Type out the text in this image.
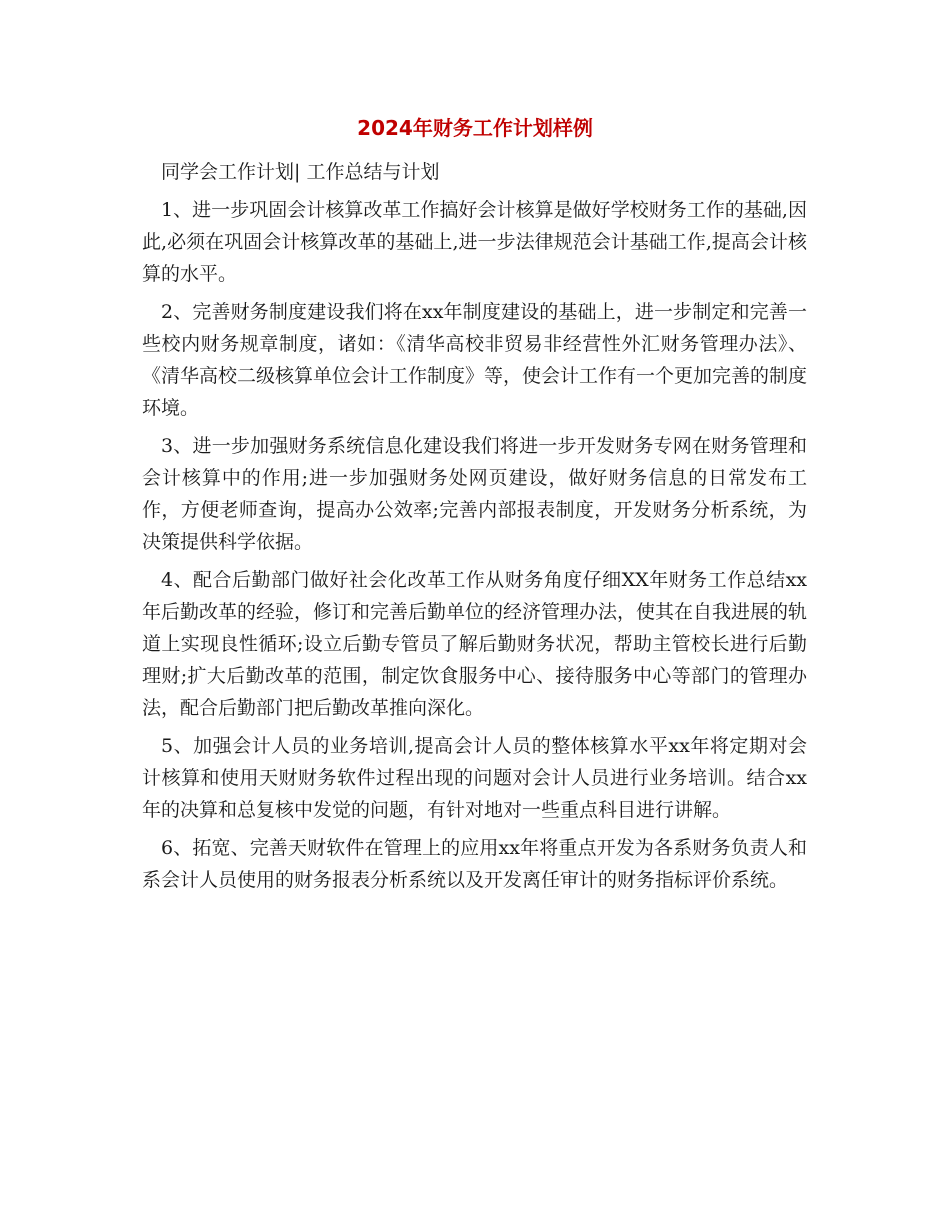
2024年财务工作计划样例

同学会工作计划| 工作总结与计划

1、进一步巩固会计核算改革工作搞好会计核算是做好学校财务工作的基础,因此,必须在巩固会计核算改革的基础上,进一步法律规范会计基础工作,提高会计核算的水平。

2、完善财务制度建设我们将在xx年制度建设的基础上，进一步制定和完善一些校内财务规章制度，诸如：《清华高校非贸易非经营性外汇财务管理办法》、《清华高校二级核算单位会计工作制度》等，使会计工作有一个更加完善的制度环境。

3、进一步加强财务系统信息化建设我们将进一步开发财务专网在财务管理和会计核算中的作用;进一步加强财务处网页建设，做好财务信息的日常发布工作，方便老师查询，提高办公效率;完善内部报表制度，开发财务分析系统，为决策提供科学依据。

4、配合后勤部门做好社会化改革工作从财务角度仔细XX年财务工作总结xx年后勤改革的经验，修订和完善后勤单位的经济管理办法，使其在自我进展的轨道上实现良性循环;设立后勤专管员了解后勤财务状况，帮助主管校长进行后勤理财;扩大后勤改革的范围，制定饮食服务中心、接待服务中心等部门的管理办法，配合后勤部门把后勤改革推向深化。

5、加强会计人员的业务培训,提高会计人员的整体核算水平xx年将定期对会计核算和使用天财财务软件过程出现的问题对会计人员进行业务培训。结合xx年的决算和总复核中发觉的问题，有针对地对一些重点科目进行讲解。

6、拓宽、完善天财软件在管理上的应用xx年将重点开发为各系财务负责人和系会计人员使用的财务报表分析系统以及开发离任审计的财务指标评价系统。
